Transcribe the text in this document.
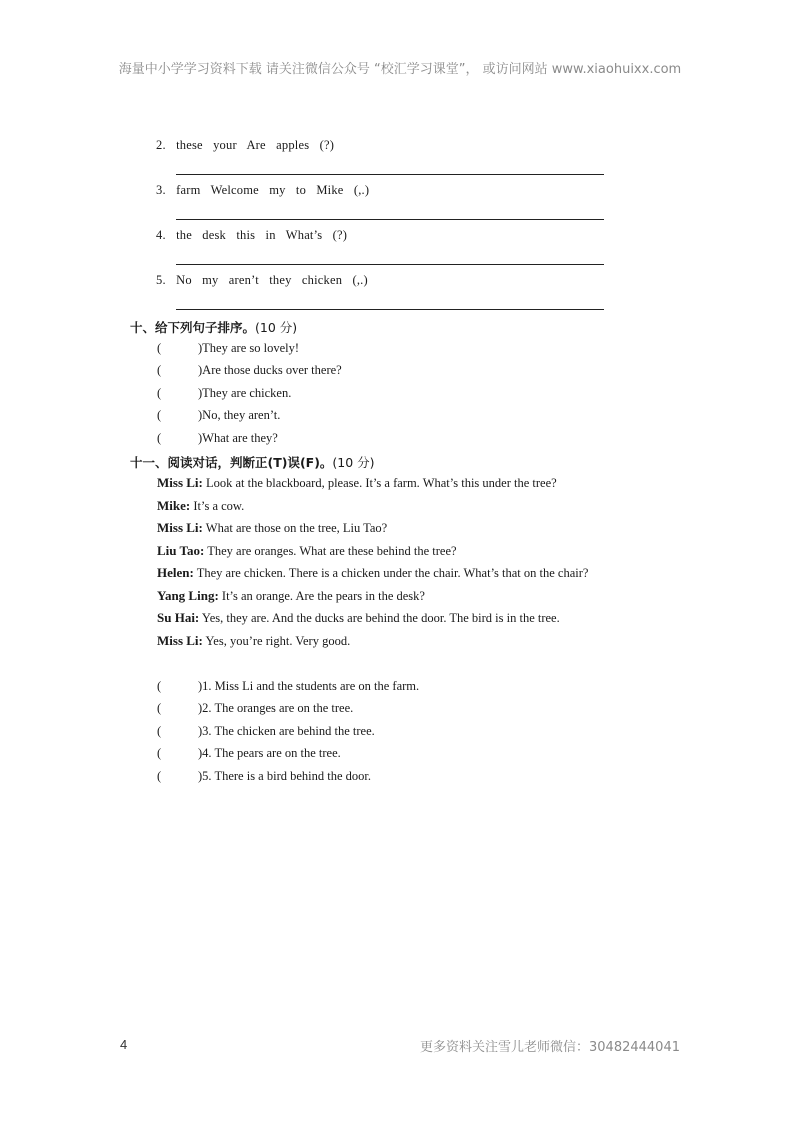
海量中小学学习资料下载 请关注微信公众号 “校汇学习课堂”， 或访问网站 www.xiaohuixx.com
2. these your Are apples (?)
3. farm Welcome my to Mike (,.)
4. the desk this in What’s (?)
5. No my aren’t they chicken (,.)
十、给下列句子排序。(10 分)
(	)They are so lovely!
(	)Are those ducks over there?
(	)They are chicken.
(	)No, they aren’t.
(	)What are they?
十一、阅读对话，判断正(T)误(F)。(10 分)
Miss Li: Look at the blackboard, please. It’s a farm. What’s this under the tree?
Mike: It’s a cow.
Miss Li: What are those on the tree, Liu Tao?
Liu Tao: They are oranges. What are these behind the tree?
Helen: They are chicken. There is a chicken under the chair. What’s that on the chair?
Yang Ling: It’s an orange. Are the pears in the desk?
Su Hai: Yes, they are. And the ducks are behind the door. The bird is in the tree.
Miss Li: Yes, you’re right. Very good.
(	)1. Miss Li and the students are on the farm.
(	)2. The oranges are on the tree.
(	)3. The chicken are behind the tree.
(	)4. The pears are on the tree.
(	)5. There is a bird behind the door.
4	更多资料关注雪儿老师微信：30482444041
